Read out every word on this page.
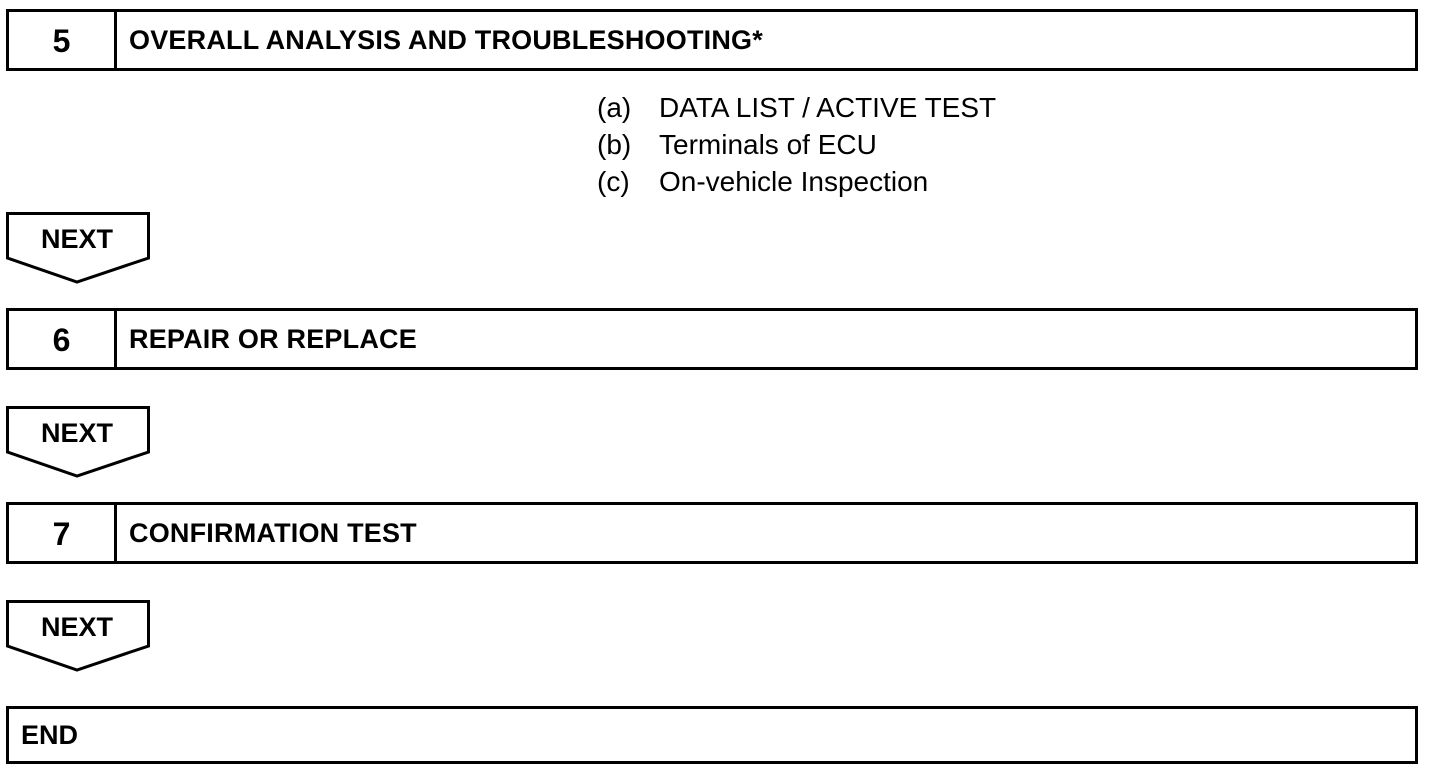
5	OVERALL ANALYSIS AND TROUBLESHOOTING*
(a) DATA LIST / ACTIVE TEST
(b) Terminals of ECU
(c)	On-vehicle Inspection
NEXT
6	REPAIR OR REPLACE
NEXT
7	CONFIRMATION TEST
NEXT
END
